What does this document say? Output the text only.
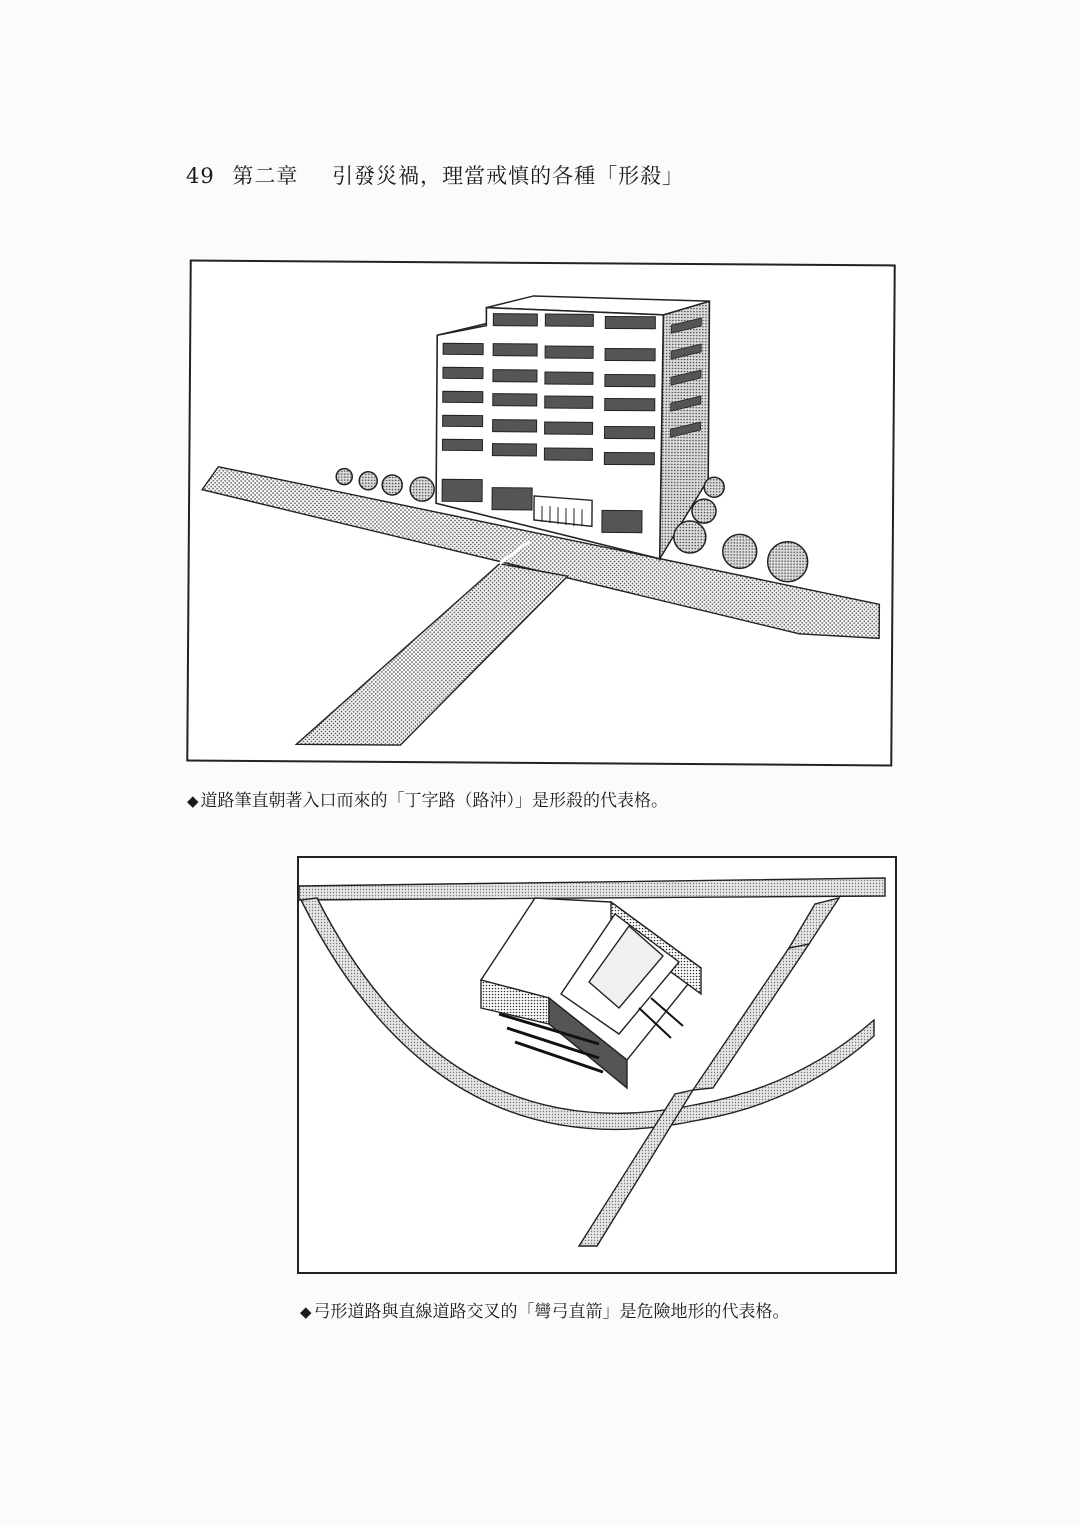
49 第二章 引發災禍，理當戒慎的各種「形殺」
◆ 道路筆直朝著入口而來的「丁字路（路沖）」是形殺的代表格。
◆ 弓形道路與直線道路交叉的「彎弓直箭」是危險地形的代表格。
